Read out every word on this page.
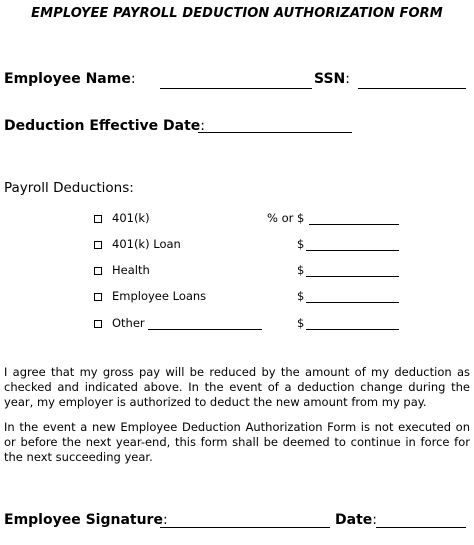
EMPLOYEE PAYROLL DEDUCTION AUTHORIZATION FORM
Employee Name:	SSN:
Deduction Effective Date:
Payroll Deductions:
401(k)	% or $
401(k) Loan	$
Health	$
Employee Loans	$
Other	$
I agree that my gross pay will be reduced by the amount of my deduction as checked and indicated above. In the event of a deduction change during the year, my employer is authorized to deduct the new amount from my pay.
In the event a new Employee Deduction Authorization Form is not executed on or before the next year-end, this form shall be deemed to continue in force for the next succeeding year.
Employee Signature:	Date:
